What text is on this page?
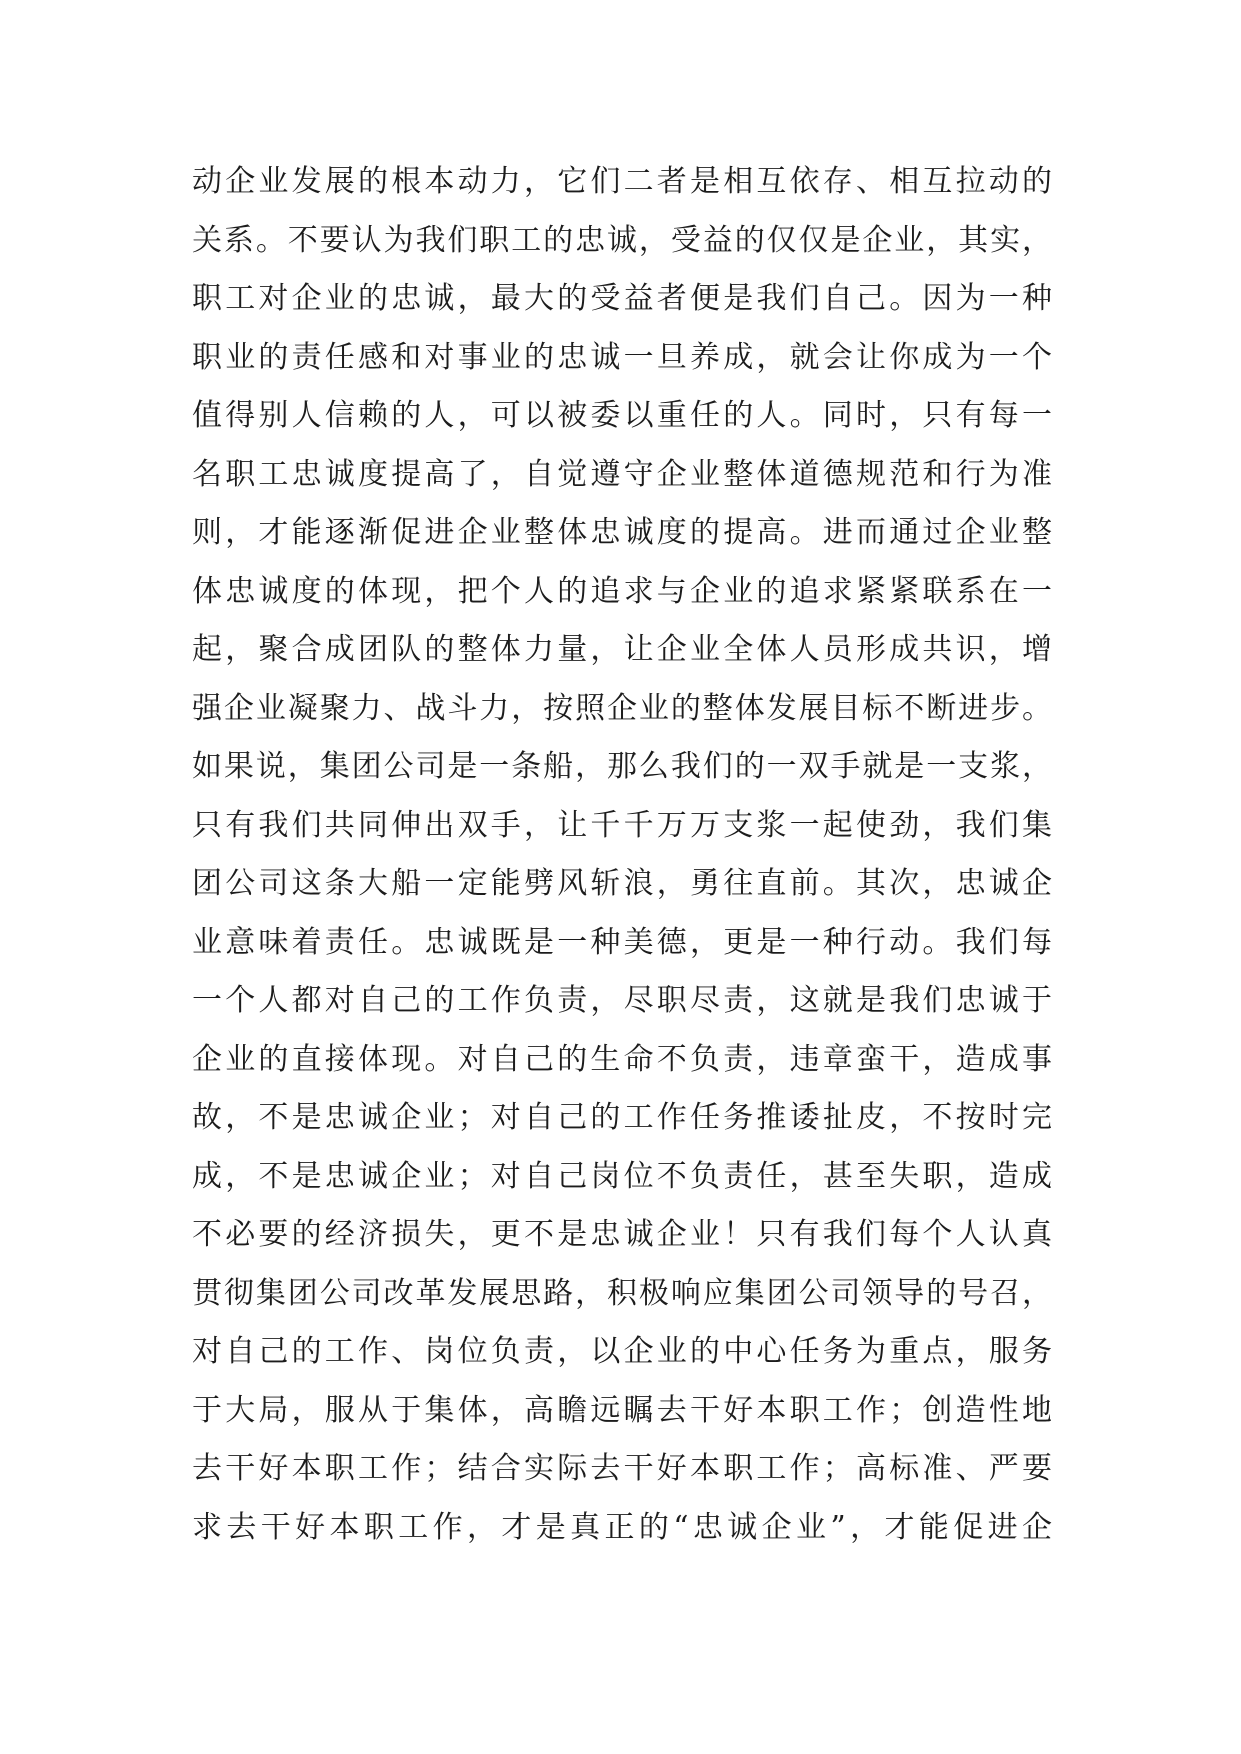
动企业发展的根本动力，它们二者是相互依存、相互拉动的
关系。不要认为我们职工的忠诚，受益的仅仅是企业，其实，
职工对企业的忠诚，最大的受益者便是我们自己。因为一种
职业的责任感和对事业的忠诚一旦养成，就会让你成为一个
值得别人信赖的人，可以被委以重任的人。同时，只有每一
名职工忠诚度提高了，自觉遵守企业整体道德规范和行为准
则，才能逐渐促进企业整体忠诚度的提高。进而通过企业整
体忠诚度的体现，把个人的追求与企业的追求紧紧联系在一
起，聚合成团队的整体力量，让企业全体人员形成共识，增
强企业凝聚力、战斗力，按照企业的整体发展目标不断进步。
如果说，集团公司是一条船，那么我们的一双手就是一支浆，
只有我们共同伸出双手，让千千万万支浆一起使劲，我们集
团公司这条大船一定能劈风斩浪，勇往直前。其次，忠诚企
业意味着责任。忠诚既是一种美德，更是一种行动。我们每
一个人都对自己的工作负责，尽职尽责，这就是我们忠诚于
企业的直接体现。对自己的生命不负责，违章蛮干，造成事
故，不是忠诚企业；对自己的工作任务推诿扯皮，不按时完
成，不是忠诚企业；对自己岗位不负责任，甚至失职，造成
不必要的经济损失，更不是忠诚企业！只有我们每个人认真
贯彻集团公司改革发展思路，积极响应集团公司领导的号召，
对自己的工作、岗位负责，以企业的中心任务为重点，服务
于大局，服从于集体，高瞻远瞩去干好本职工作；创造性地
去干好本职工作；结合实际去干好本职工作；高标准、严要
求去干好本职工作，才是真正的“忠诚企业”，才能促进企
